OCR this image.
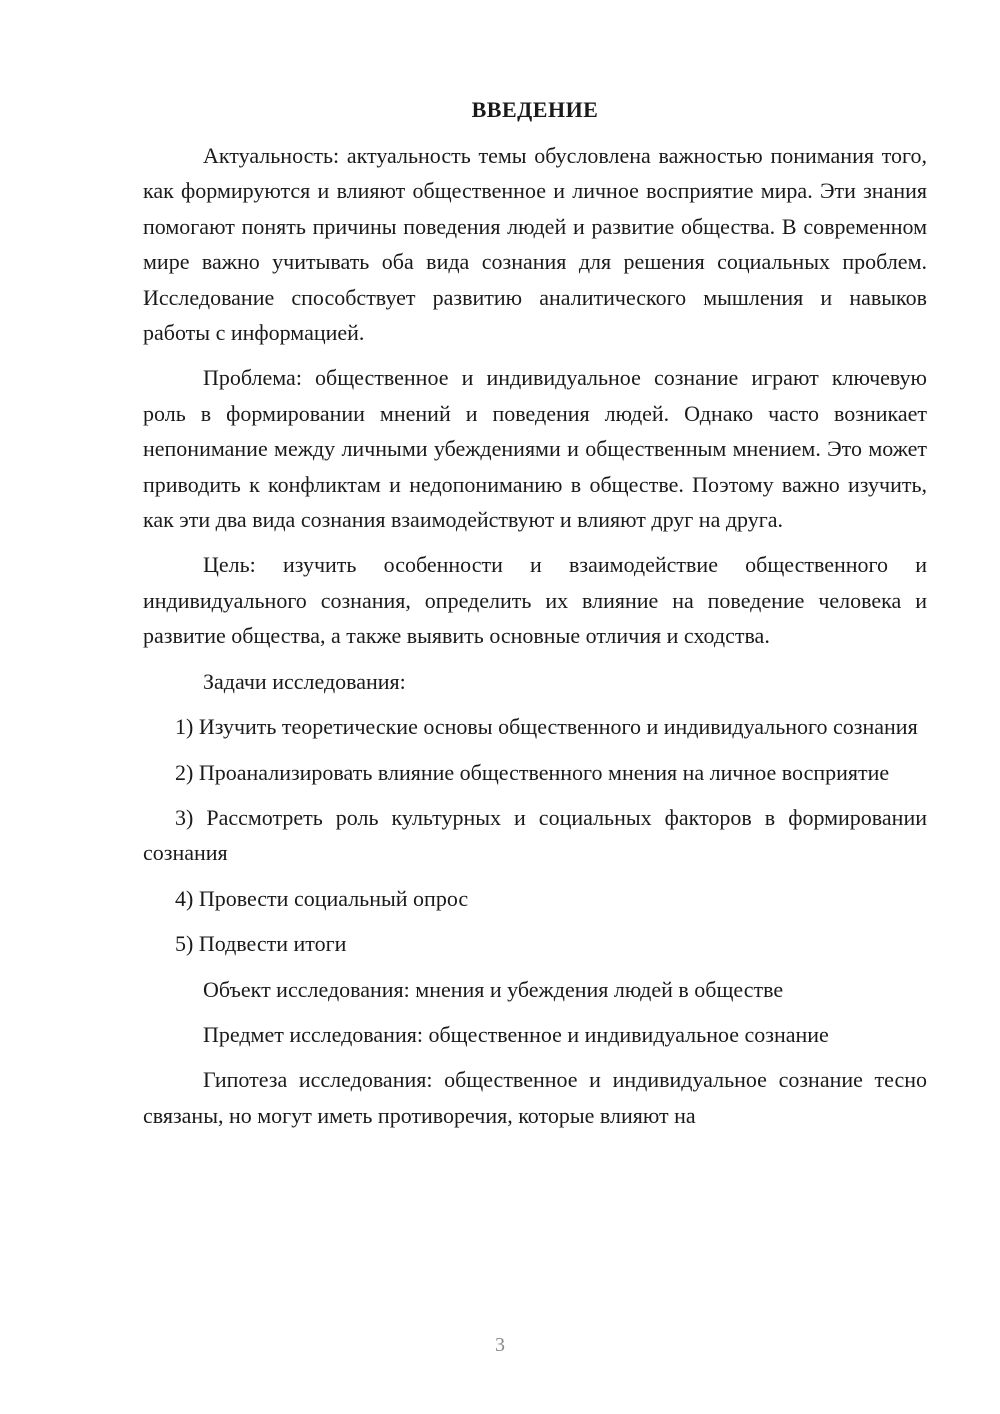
ВВЕДЕНИЕ

Актуальность: актуальность темы обусловлена важностью понимания того, как формируются и влияют общественное и личное восприятие мира. Эти знания помогают понять причины поведения людей и развитие общества. В современном мире важно учитывать оба вида сознания для решения социальных проблем. Исследование способствует развитию аналитического мышления и навыков работы с информацией.

Проблема: общественное и индивидуальное сознание играют ключевую роль в формировании мнений и поведения людей. Однако часто возникает непонимание между личными убеждениями и общественным мнением. Это может приводить к конфликтам и недопониманию в обществе. Поэтому важно изучить, как эти два вида сознания взаимодействуют и влияют друг на друга.

Цель: изучить особенности и взаимодействие общественного и индивидуального сознания, определить их влияние на поведение человека и развитие общества, а также выявить основные отличия и сходства.

Задачи исследования:

1) Изучить теоретические основы общественного и индивидуального сознания

2) Проанализировать влияние общественного мнения на личное восприятие

3) Рассмотреть роль культурных и социальных факторов в формировании сознания

4) Провести социальный опрос

5) Подвести итоги

Объект исследования: мнения и убеждения людей в обществе

Предмет исследования: общественное и индивидуальное сознание

Гипотеза исследования: общественное и индивидуальное сознание тесно связаны, но могут иметь противоречия, которые влияют на

3
